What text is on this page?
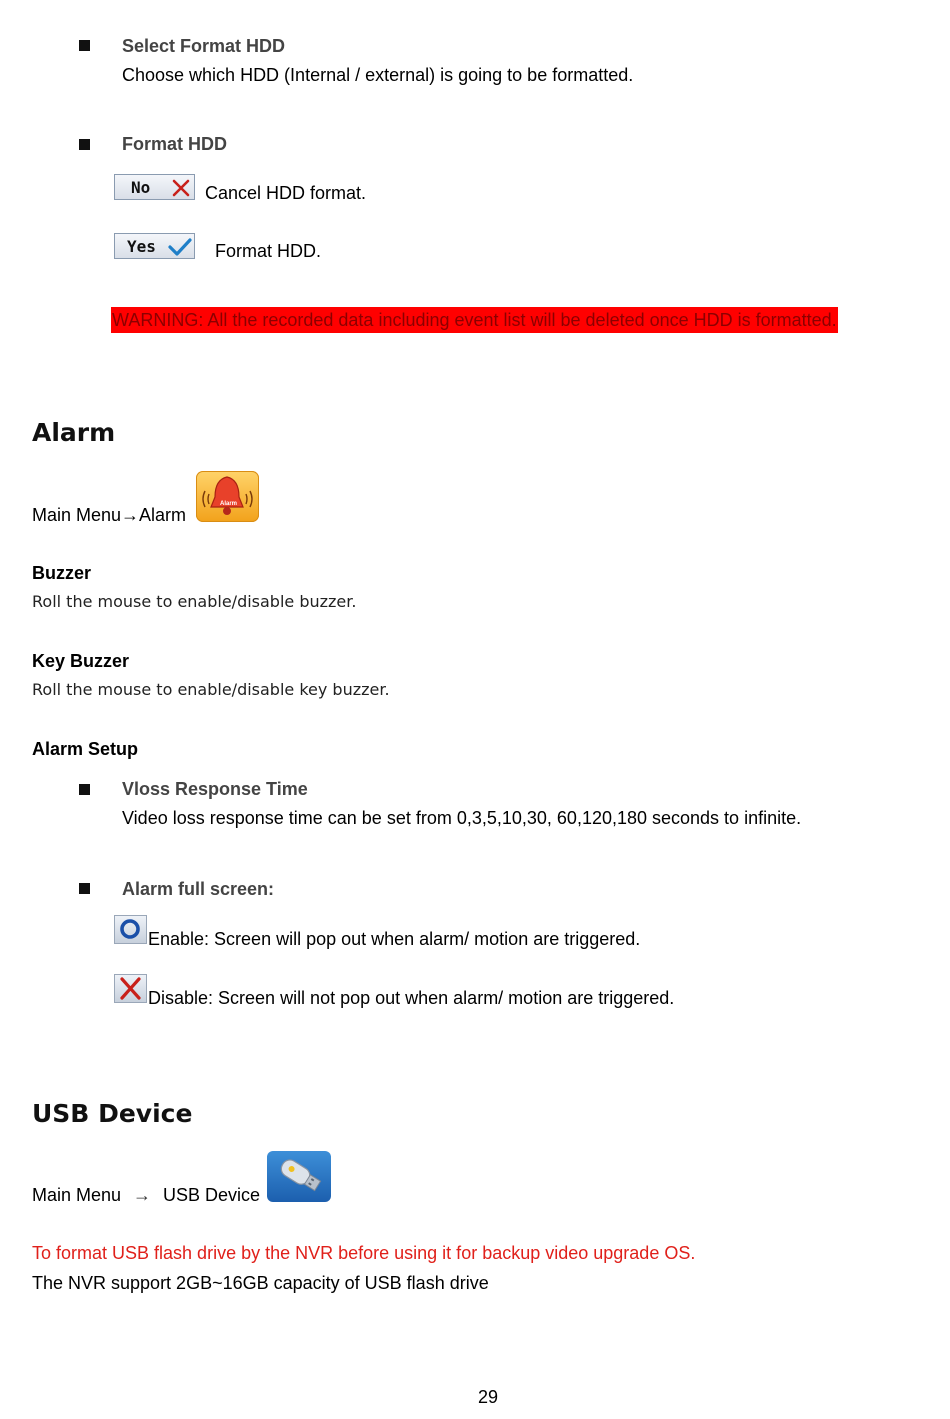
Select Format HDD
Choose which HDD (Internal / external) is going to be formatted.
Format HDD
No	Cancel HDD format.
Yes	Format HDD.
WARNING: All the recorded data including event list will be deleted once HDD is formatted.
Alarm
Main Menu→Alarm
Alarm
Buzzer
Roll the mouse to enable/disable buzzer.
Key Buzzer
Roll the mouse to enable/disable key buzzer.
Alarm Setup
Vloss Response Time
Video loss response time can be set from 0,3,5,10,30, 60,120,180 seconds to infinite.
Alarm full screen:
Enable: Screen will pop out when alarm/ motion are triggered.
Disable: Screen will not pop out when alarm/ motion are triggered.
USB Device
Main Menu → USB Device
To format USB flash drive by the NVR before using it for backup video upgrade OS.
The NVR support 2GB~16GB capacity of USB flash drive
29
